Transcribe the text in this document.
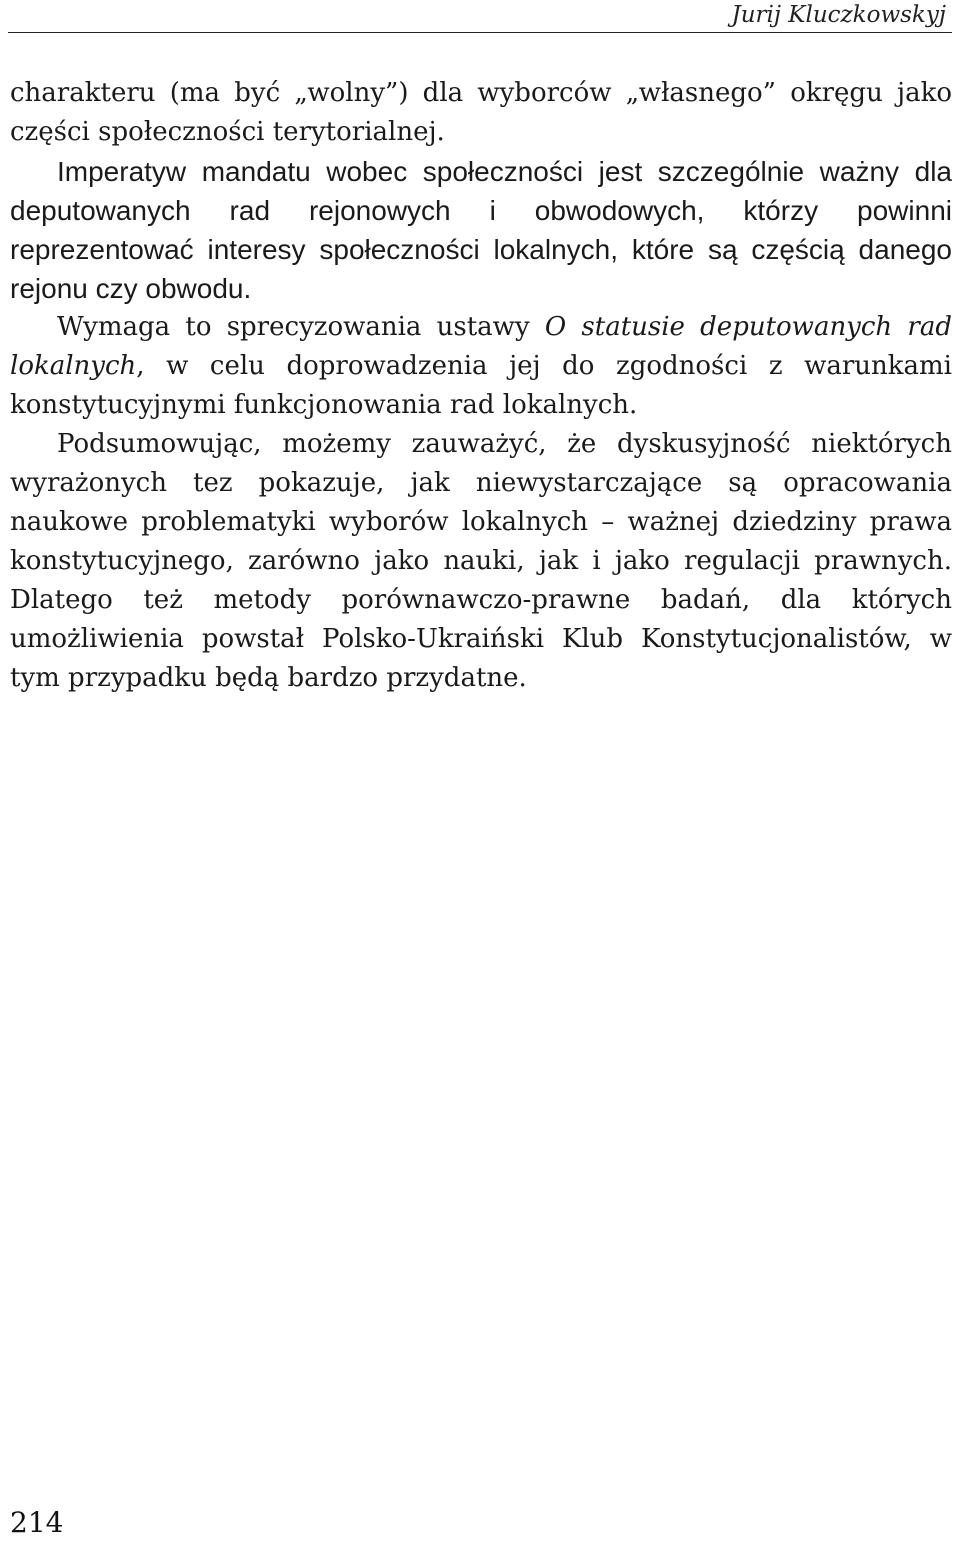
Jurij Kluczkowskyj

charakteru (ma być „wolny”) dla wyborców „własnego” okręgu jako części społeczności terytorialnej.

Imperatyw mandatu wobec społeczności jest szczególnie ważny dla deputowanych rad rejonowych i obwodowych, którzy powinni reprezentować interesy społeczności lokalnych, które są częścią danego rejonu czy obwodu.

Wymaga to sprecyzowania ustawy O statusie deputowanych rad lokalnych, w celu doprowadzenia jej do zgodności z warunkami konstytucyjnymi funkcjonowania rad lokalnych.

Podsumowując, możemy zauważyć, że dyskusyjność niektórych wyrażonych tez pokazuje, jak niewystarczające są opracowania naukowe problematyki wyborów lokalnych – ważnej dziedziny prawa konstytucyjnego, zarówno jako nauki, jak i jako regulacji prawnych. Dlatego też metody porównawczo-prawne badań, dla których umożliwienia powstał Polsko-Ukraiński Klub Konstytucjonalistów, w tym przypadku będą bardzo przydatne.

214
